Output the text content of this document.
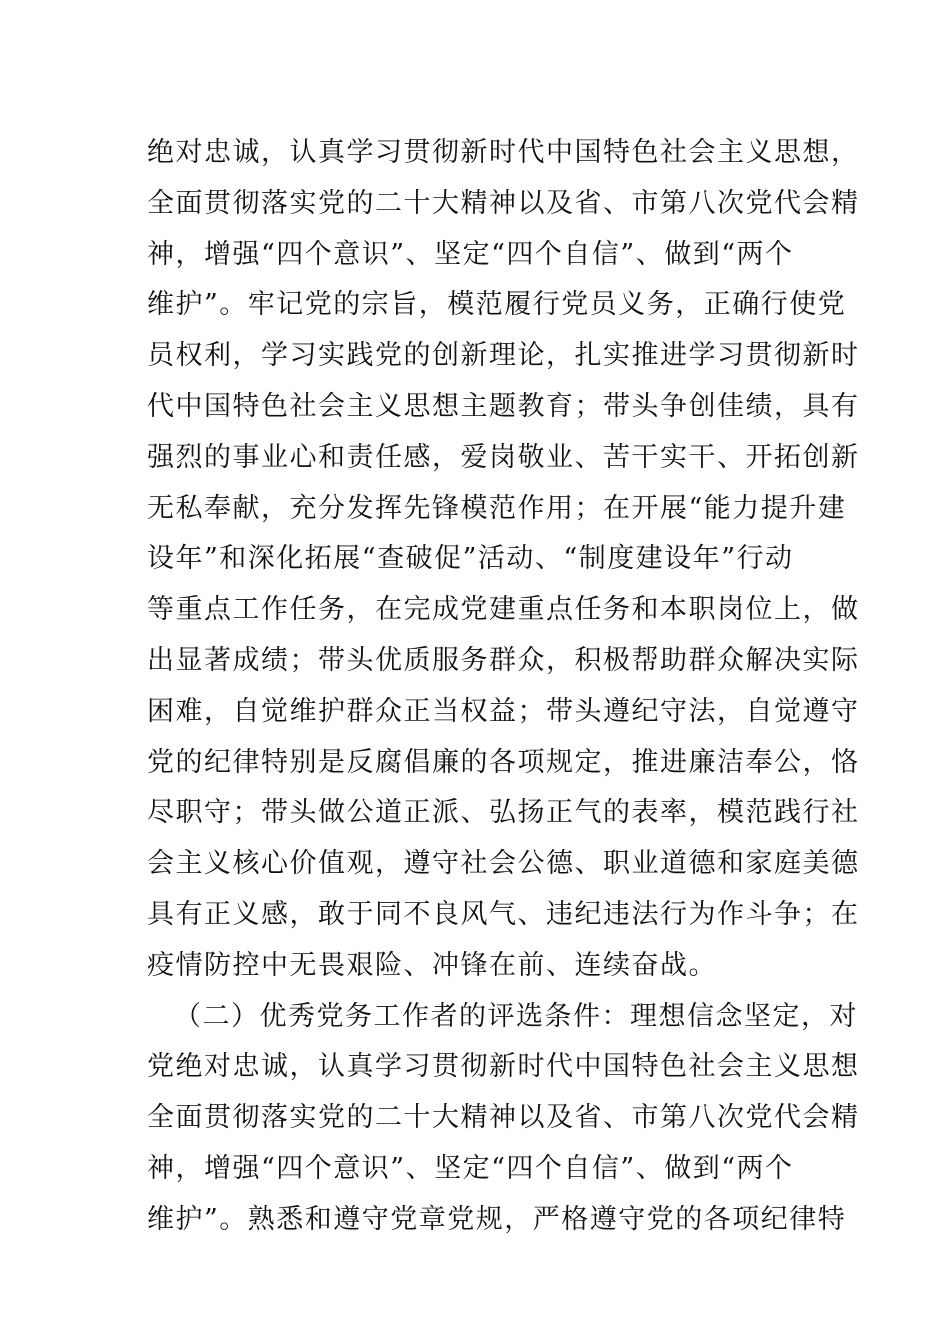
绝对忠诚，认真学习贯彻新时代中国特色社会主义思想，
全面贯彻落实党的二十大精神以及省、市第八次党代会精
神，增强“四个意识”、坚定“四个自信”、做到“两个
维护”。牢记党的宗旨，模范履行党员义务，正确行使党
员权利，学习实践党的创新理论，扎实推进学习贯彻新时
代中国特色社会主义思想主题教育；带头争创佳绩，具有
强烈的事业心和责任感，爱岗敬业、苦干实干、开拓创新
无私奉献，充分发挥先锋模范作用；在开展“能力提升建
设年”和深化拓展“查破促”活动、“制度建设年”行动
等重点工作任务，在完成党建重点任务和本职岗位上，做
出显著成绩；带头优质服务群众，积极帮助群众解决实际
困难，自觉维护群众正当权益；带头遵纪守法，自觉遵守
党的纪律特别是反腐倡廉的各项规定，推进廉洁奉公，恪
尽职守；带头做公道正派、弘扬正气的表率，模范践行社
会主义核心价值观，遵守社会公德、职业道德和家庭美德
具有正义感，敢于同不良风气、违纪违法行为作斗争；在
疫情防控中无畏艰险、冲锋在前、连续奋战。
（二）优秀党务工作者的评选条件：理想信念坚定，对
党绝对忠诚，认真学习贯彻新时代中国特色社会主义思想
全面贯彻落实党的二十大精神以及省、市第八次党代会精
神，增强“四个意识”、坚定“四个自信”、做到“两个
维护”。熟悉和遵守党章党规，严格遵守党的各项纪律特
